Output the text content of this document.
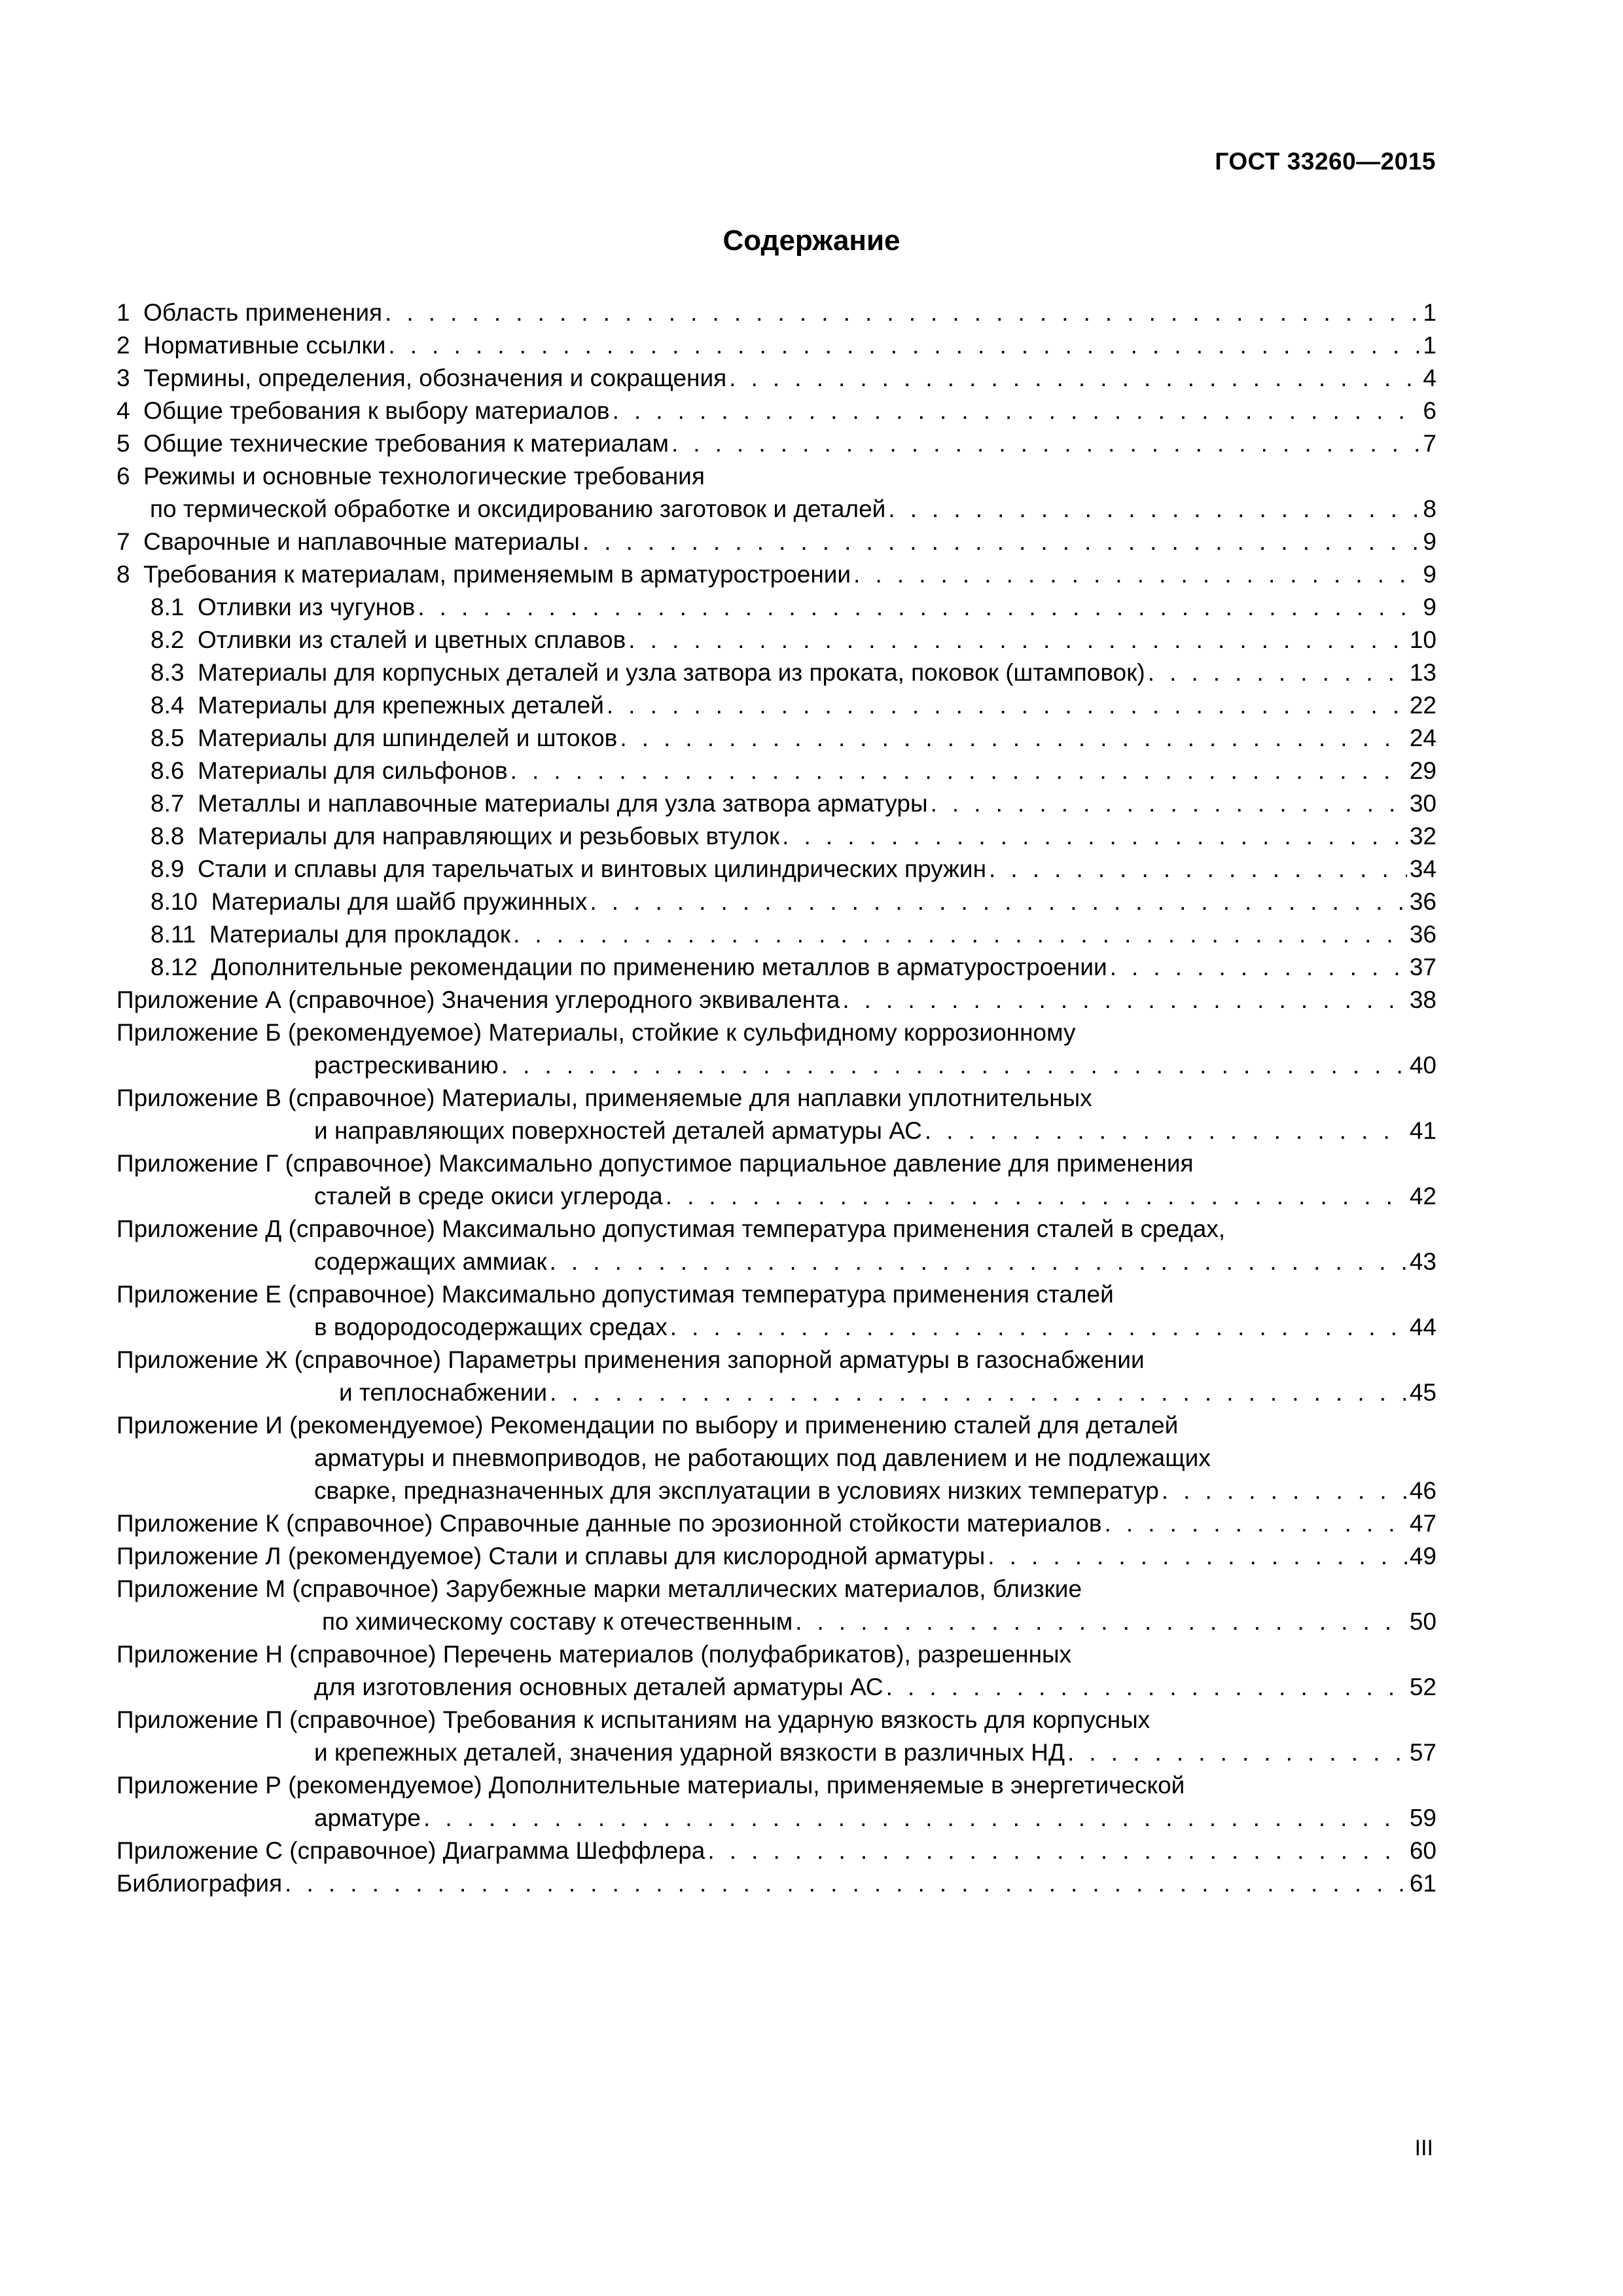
ГОСТ 33260—2015
Содержание
1  Область применения . . .	1
2  Нормативные ссылки . . .	1
3  Термины, определения, обозначения и сокращения . . .	4
4  Общие требования к выбору материалов . . .	6
5  Общие технические требования к материалам . . .	7
6  Режимы и основные технологические требования
по термической обработке и оксидированию заготовок и деталей . . .	8
7  Сварочные и наплавочные материалы . . .	9
8  Требования к материалам, применяемым в арматуростроении . . .	9
8.1  Отливки из чугунов . . .	9
8.2  Отливки из сталей и цветных сплавов . . .	10
8.3  Материалы для корпусных деталей и узла затвора из проката, поковок (штамповок) . . .	13
8.4  Материалы для крепежных деталей . . .	22
8.5  Материалы для шпинделей и штоков . . .	24
8.6  Материалы для сильфонов . . .	29
8.7  Металлы и наплавочные материалы для узла затвора арматуры . . .	30
8.8  Материалы для направляющих и резьбовых втулок . . .	32
8.9  Стали и сплавы для тарельчатых и винтовых цилиндрических пружин . . .	34
8.10  Материалы для шайб пружинных . . .	36
8.11  Материалы для прокладок . . .	36
8.12  Дополнительные рекомендации по применению металлов в арматуростроении . . .	37
Приложение А (справочное) Значения углеродного эквивалента . . .	38
Приложение Б (рекомендуемое) Материалы, стойкие к сульфидному коррозионному
растрескиванию . . .	40
Приложение В (справочное) Материалы, применяемые для наплавки уплотнительных
и направляющих поверхностей деталей арматуры АС . . .	41
Приложение Г (справочное) Максимально допустимое парциальное давление для применения
сталей в среде окиси углерода . . .	42
Приложение Д (справочное) Максимально допустимая температура применения сталей в средах,
содержащих аммиак . . .	43
Приложение Е (справочное) Максимально допустимая температура применения сталей
в водородосодержащих средах . . .	44
Приложение Ж (справочное) Параметры применения запорной арматуры в газоснабжении
и теплоснабжении . . .	45
Приложение И (рекомендуемое) Рекомендации по выбору и применению сталей для деталей
арматуры и пневмоприводов, не работающих под давлением и не подлежащих
сварке, предназначенных для эксплуатации в условиях низких температур . . .	46
Приложение К (справочное) Справочные данные по эрозионной стойкости материалов . . .	47
Приложение Л (рекомендуемое) Стали и сплавы для кислородной арматуры . . .	49
Приложение М (справочное) Зарубежные марки металлических материалов, близкие
по химическому составу к отечественным . . .	50
Приложение Н (справочное) Перечень материалов (полуфабрикатов), разрешенных
для изготовления основных деталей арматуры АС . . .	52
Приложение П (справочное) Требования к испытаниям на ударную вязкость для корпусных
и крепежных деталей, значения ударной вязкости в различных НД . . .	57
Приложение Р (рекомендуемое) Дополнительные материалы, применяемые в энергетической
арматуре . . .	59
Приложение С (справочное) Диаграмма Шеффлера . . .	60
Библиография . . .	61
III
